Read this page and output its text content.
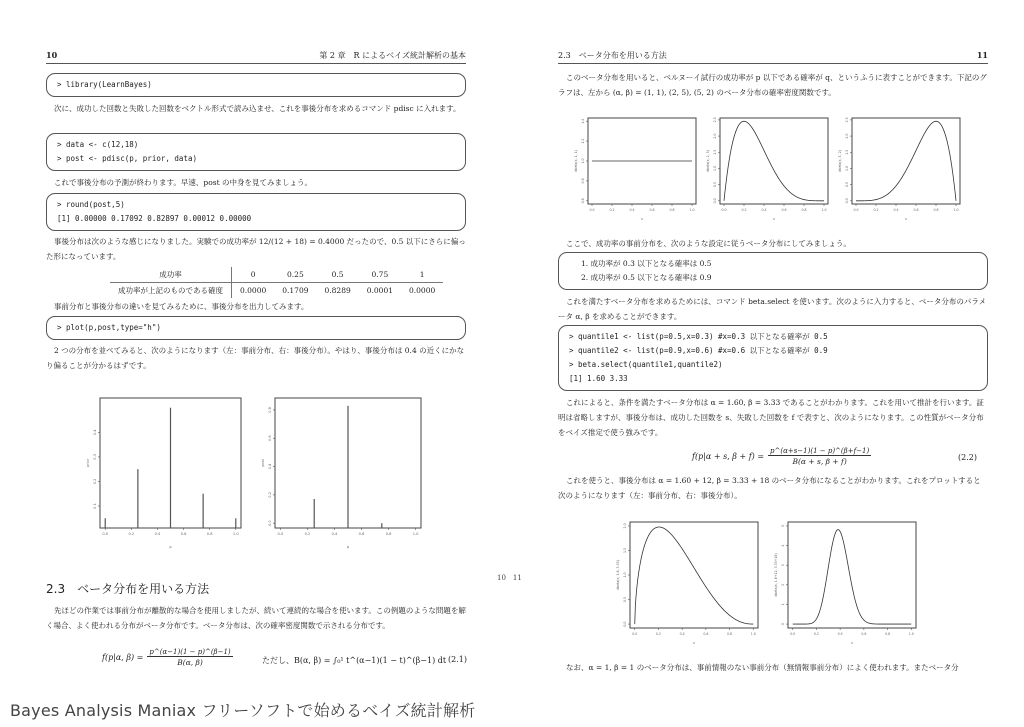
10	第 2 章　R によるベイズ統計解析の基本
> library(LearnBayes)
次に、成功した回数と失敗した回数をベクトル形式で読み込ませ、これを事後分布を求めるコマンド pdisc に入れます。
> data <- c(12,18)
> post <- pdisc(p, prior, data)
これで事後分布の予測が終わります。早速、post の中身を見てみましょう。
> round(post,5)
[1] 0.00000 0.17092 0.82897 0.00012 0.00000
事後分布は次のような感じになりました。実験での成功率が 12/(12 + 18) = 0.4000 だったので、0.5 以下にさらに偏った形になっています。
成功率	0	0.25	0.5	0.75	1
成功率が上記のものである確度	0.0000	0.1709	0.8289	0.0001	0.0000
事前分布と事後分布の違いを見てみるために、事後分布を出力してみます。
> plot(p,post,type="h")
2 つの分布を並べてみると、次のようになります（左：事前分布、右：事後分布）。やはり、事後分布は 0.4 の近くにかなり偏ることが分かるはずです。
0.0	0.2	0.4	0.6	0.8	1.0
0.1
0.2
0.3
0.4
p
prior
0.0	0.2	0.4	0.6	0.8	1.0
0.0
0.2
0.4
0.6
0.8
p
post
2.3 ベータ分布を用いる方法
先ほどの作業では事前分布が離散的な場合を使用しましたが、続いて連続的な場合を使います。この例題のような問題を解く場合、よく使われる分布がベータ分布です。ベータ分布は、次の確率密度関数で示される分布です。
f(p|α, $\beta) = \frac{p\^{}(\alpha-1)(1 - p)\^{}(\beta-1)}{B(\alpha, \beta)}$	ただし、B(α, β) = ∫₀¹ t^(α−1)(1 − t)^(β−1) dt (2.1)
10　11
2.3　ベータ分布を用いる方法	11
このベータ分布を用いると、ベルヌーイ試行の成功率が p 以下である確率が q、というふうに表すことができます。下記のグラフは、左から (α, β) = (1, 1), (2, 5), (5, 2) のベータ分布の確率密度関数です。
0.0	0.2	0.4	0.6	0.8	1.0
0.6
0.8
1.0
1.2
1.4
x
dbeta(x, 1, 1)
0.0	0.2	0.4	0.6	0.8	1.0
0.0
0.5
1.0
1.5
2.0
2.5
x
dbeta(x, 2, 5)
0.0	0.2	0.4	0.6	0.8	1.0
0.0
0.5
1.0
1.5
2.0
2.5
x
dbeta(x, 5, 2)
ここで、成功率の事前分布を、次のような設定に従うベータ分布にしてみましょう。
1. 成功率が 0.3 以下となる確率は 0.5
2. 成功率が 0.5 以下となる確率は 0.9
これを満たすベータ分布を求めるためには、コマンド beta.select を使います。次のように入力すると、ベータ分布のパラメータ α, β を求めることができます。
> quantile1 <- list(p=0.5,x=0.3) #x=0.3 以下となる確率が 0.5
> quantile2 <- list(p=0.9,x=0.6) #x=0.6 以下となる確率が 0.9
> beta.select(quantile1,quantile2)
[1] 1.60 3.33
これによると、条件を満たすベータ分布は α = 1.60, β = 3.33 であることがわかります。これを用いて推計を行います。証明は省略しますが、事後分布は、成功した回数を s、失敗した回数を f で表すと、次のようになります。この性質がベータ分布をベイズ推定で使う強みです。
f(p|α + s, $\beta + f) = \frac{p\^{}(\alpha+s-1)(1 - p)\^{}(\beta+f-1)}{B(\alpha + s, \beta + f)}$	(2.2)
これを使うと、事後分布は α = 1.60 + 12, β = 3.33 + 18 のベータ分布になることがわかります。これをプロットすると次のようになります（左：事前分布、右：事後分布）。
0.0	0.2	0.4	0.6	0.8	1.0
0.0
0.5
1.0
1.5
2.0
x
dbeta(x, 1.6, 3.33)
0.0	0.2	0.4	0.6	0.8	1.0
0
1
2
3
4
5
x
dbeta(x, 1.6+12, 3.33+18)
なお、α = 1, β = 1 のベータ分布は、事前情報のない事前分布（無情報事前分布）によく使われます。またベータ分
Bayes Analysis Maniax フリーソフトで始めるベイズ統計解析
